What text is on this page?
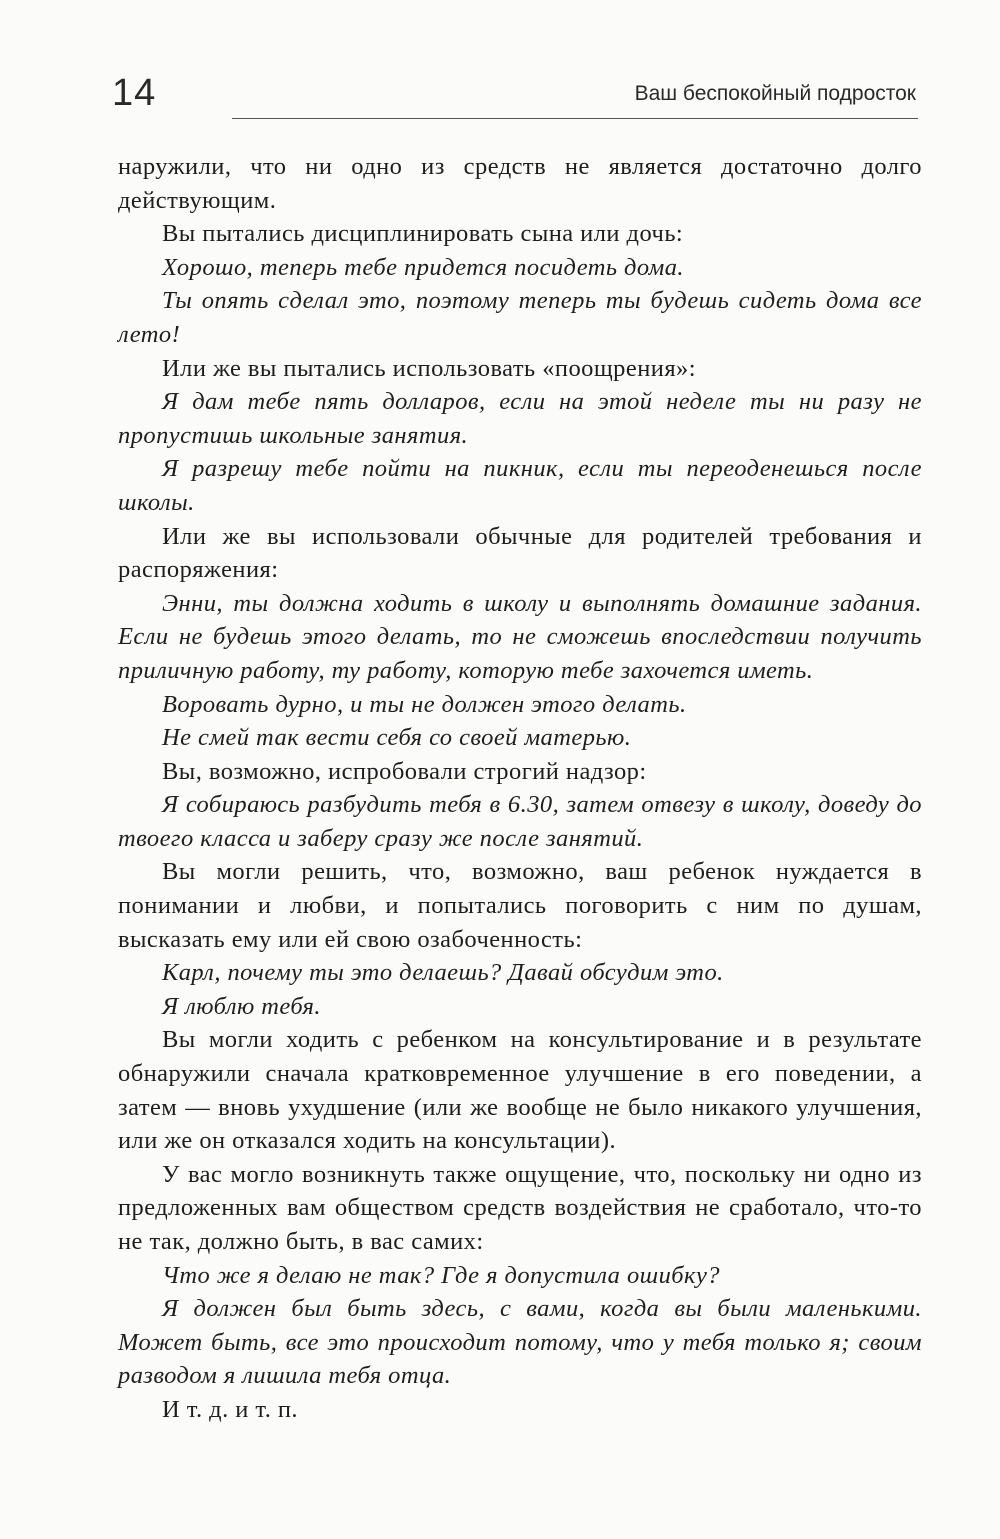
14	Ваш беспокойный подросток

наружили, что ни одно из средств не является достаточно долго действующим.

Вы пытались дисциплинировать сына или дочь:

Хорошо, теперь тебе придется посидеть дома.

Ты опять сделал это, поэтому теперь ты будешь сидеть дома все лето!

Или же вы пытались использовать «поощрения»:

Я дам тебе пять долларов, если на этой неделе ты ни разу не пропустишь школьные занятия.

Я разрешу тебе пойти на пикник, если ты переоденешься после школы.

Или же вы использовали обычные для родителей требования и распоряжения:

Энни, ты должна ходить в школу и выполнять домашние задания. Если не будешь этого делать, то не сможешь впоследствии получить приличную работу, ту работу, которую тебе захочется иметь.

Воровать дурно, и ты не должен этого делать.

Не смей так вести себя со своей матерью.

Вы, возможно, испробовали строгий надзор:

Я собираюсь разбудить тебя в 6.30, затем отвезу в школу, доведу до твоего класса и заберу сразу же после занятий.

Вы могли решить, что, возможно, ваш ребенок нуждается в понимании и любви, и попытались поговорить с ним по душам, высказать ему или ей свою озабоченность:

Карл, почему ты это делаешь? Давай обсудим это.

Я люблю тебя.

Вы могли ходить с ребенком на консультирование и в результате обнаружили сначала кратковременное улучшение в его поведении, а затем — вновь ухудшение (или же вообще не было никакого улучшения, или же он отказался ходить на консультации).

У вас могло возникнуть также ощущение, что, поскольку ни одно из предложенных вам обществом средств воздействия не сработало, что-то не так, должно быть, в вас самих:

Что же я делаю не так? Где я допустила ошибку?

Я должен был быть здесь, с вами, когда вы были маленькими. Может быть, все это происходит потому, что у тебя только я; своим разводом я лишила тебя отца.

И т. д. и т. п.
